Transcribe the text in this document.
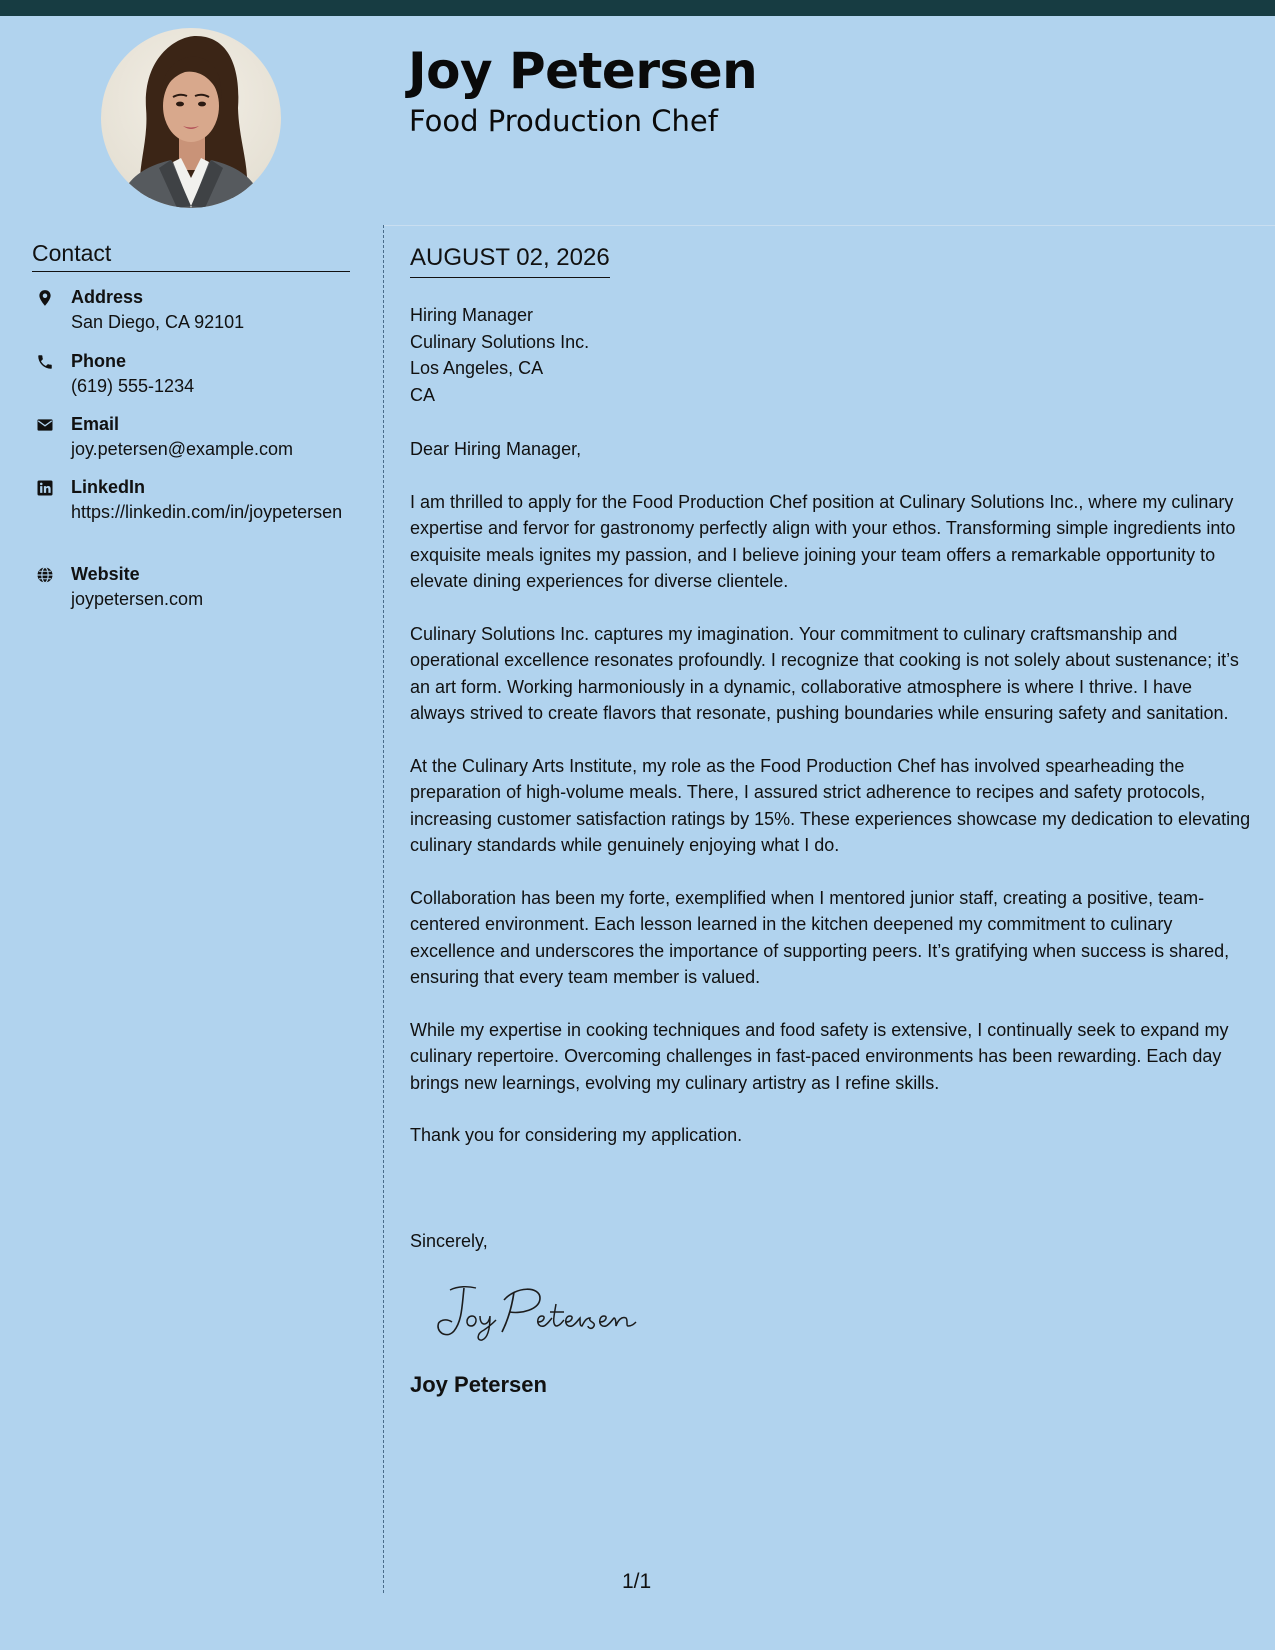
Joy Petersen
Food Production Chef
Contact
Address
San Diego, CA 92101
Phone
(619) 555-1234
Email
joy.petersen@example.com
LinkedIn
https://linkedin.com/in/joypetersen
Website
joypetersen.com
AUGUST 02, 2026
Hiring Manager
Culinary Solutions Inc.
Los Angeles, CA
CA

Dear Hiring Manager,

I am thrilled to apply for the Food Production Chef position at Culinary Solutions Inc., where my culinary expertise and fervor for gastronomy perfectly align with your ethos. Transforming simple ingredients into exquisite meals ignites my passion, and I believe joining your team offers a remarkable opportunity to elevate dining experiences for diverse clientele.

Culinary Solutions Inc. captures my imagination. Your commitment to culinary craftsmanship and operational excellence resonates profoundly. I recognize that cooking is not solely about sustenance; it’s an art form. Working harmoniously in a dynamic, collaborative atmosphere is where I thrive. I have always strived to create flavors that resonate, pushing boundaries while ensuring safety and sanitation.

At the Culinary Arts Institute, my role as the Food Production Chef has involved spearheading the preparation of high-volume meals. There, I assured strict adherence to recipes and safety protocols, increasing customer satisfaction ratings by 15%. These experiences showcase my dedication to elevating culinary standards while genuinely enjoying what I do.

Collaboration has been my forte, exemplified when I mentored junior staff, creating a positive, team-centered environment. Each lesson learned in the kitchen deepened my commitment to culinary excellence and underscores the importance of supporting peers. It’s gratifying when success is shared, ensuring that every team member is valued.

While my expertise in cooking techniques and food safety is extensive, I continually seek to expand my culinary repertoire. Overcoming challenges in fast-paced environments has been rewarding. Each day brings new learnings, evolving my culinary artistry as I refine skills.

Thank you for considering my application.

Sincerely,
Joy Petersen
1/1
